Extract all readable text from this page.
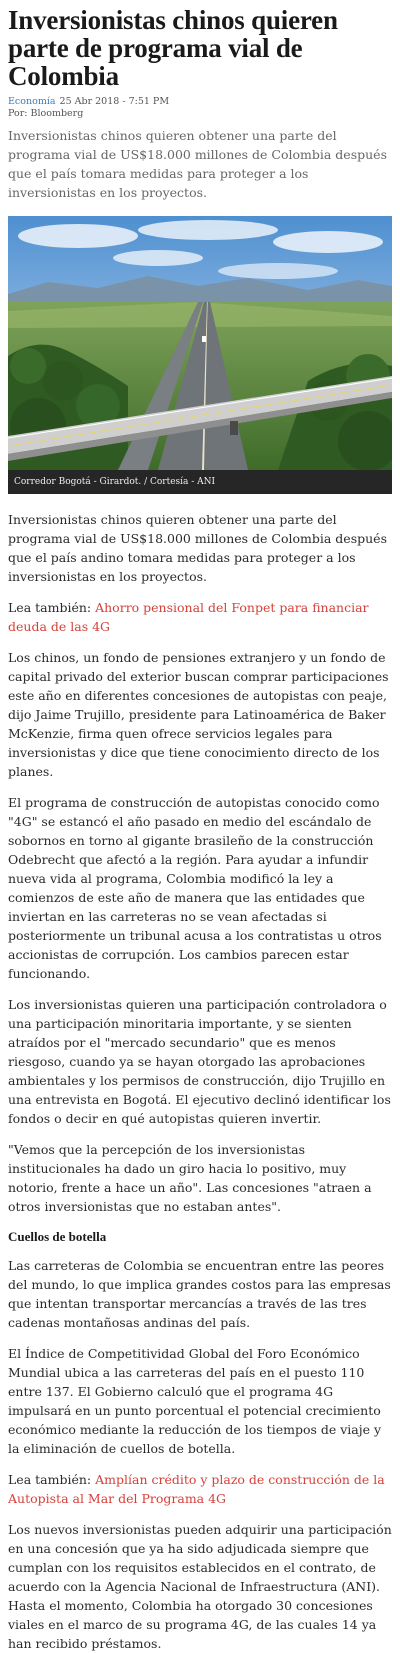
Inversionistas chinos quieren parte de programa vial de Colombia
Economía 25 Abr 2018 - 7:51 PM
Por: Bloomberg

Inversionistas chinos quieren obtener una parte del programa vial de US$18.000 millones de Colombia después que el país tomara medidas para proteger a los inversionistas en los proyectos.

Corredor Bogotá - Girardot. / Cortesía - ANI

Inversionistas chinos quieren obtener una parte del programa vial de US$18.000 millones de Colombia después que el país andino tomara medidas para proteger a los inversionistas en los proyectos.

Lea también: Ahorro pensional del Fonpet para financiar deuda de las 4G

Los chinos, un fondo de pensiones extranjero y un fondo de capital privado del exterior buscan comprar participaciones este año en diferentes concesiones de autopistas con peaje, dijo Jaime Trujillo, presidente para Latinoamérica de Baker McKenzie, firma quen ofrece servicios legales para inversionistas y dice que tiene conocimiento directo de los planes.

El programa de construcción de autopistas conocido como "4G" se estancó el año pasado en medio del escándalo de sobornos en torno al gigante brasileño de la construcción Odebrecht que afectó a la región. Para ayudar a infundir nueva vida al programa, Colombia modificó la ley a comienzos de este año de manera que las entidades que inviertan en las carreteras no se vean afectadas si posteriormente un tribunal acusa a los contratistas u otros accionistas de corrupción. Los cambios parecen estar funcionando.

Los inversionistas quieren una participación controladora o una participación minoritaria importante, y se sienten atraídos por el "mercado secundario" que es menos riesgoso, cuando ya se hayan otorgado las aprobaciones ambientales y los permisos de construcción, dijo Trujillo en una entrevista en Bogotá. El ejecutivo declinó identificar los fondos o decir en qué autopistas quieren invertir.

"Vemos que la percepción de los inversionistas institucionales ha dado un giro hacia lo positivo, muy notorio, frente a hace un año". Las concesiones "atraen a otros inversionistas que no estaban antes".

Cuellos de botella

Las carreteras de Colombia se encuentran entre las peores del mundo, lo que implica grandes costos para las empresas que intentan transportar mercancías a través de las tres cadenas montañosas andinas del país.

El Índice de Competitividad Global del Foro Económico Mundial ubica a las carreteras del país en el puesto 110 entre 137. El Gobierno calculó que el programa 4G impulsará en un punto porcentual el potencial crecimiento económico mediante la reducción de los tiempos de viaje y la eliminación de cuellos de botella.

Lea también: Amplían crédito y plazo de construcción de la Autopista al Mar del Programa 4G

Los nuevos inversionistas pueden adquirir una participación en una concesión que ya ha sido adjudicada siempre que cumplan con los requisitos establecidos en el contrato, de acuerdo con la Agencia Nacional de Infraestructura (ANI). Hasta el momento, Colombia ha otorgado 30 concesiones viales en el marco de su programa 4G, de las cuales 14 ya han recibido préstamos.
